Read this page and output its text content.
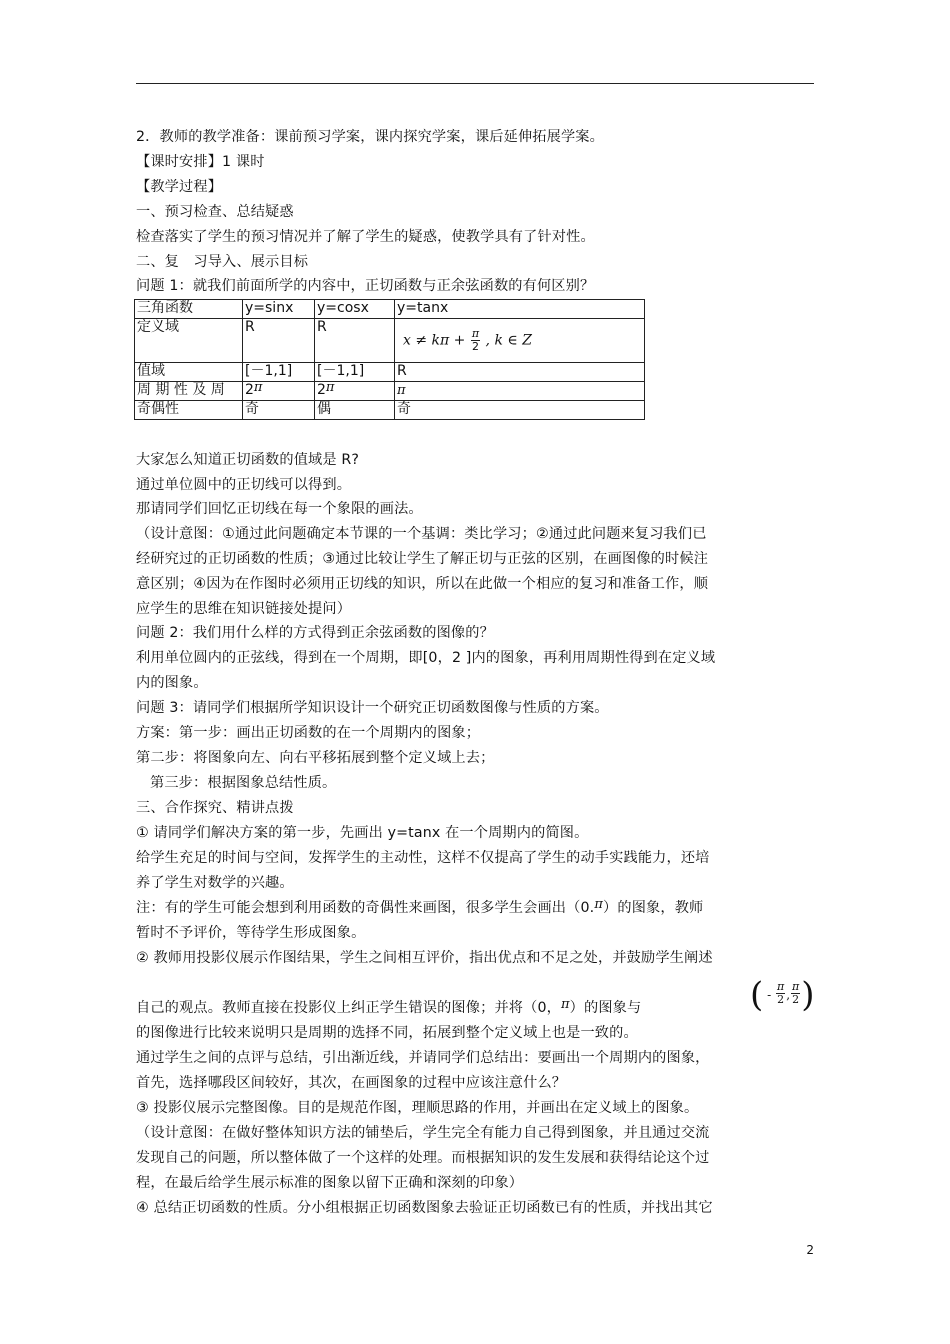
2．教师的教学准备：课前预习学案，课内探究学案，课后延伸拓展学案。
【课时安排】1 课时
【教学过程】
一、预习检查、总结疑惑
检查落实了学生的预习情况并了解了学生的疑惑，使教学具有了针对性。
二、复　习导入、展示目标
问题 1：就我们前面所学的内容中，正切函数与正余弦函数的有何区别？
三角函数	y=sinx	y=cosx	y=tanx
定义域	R	R	$x \ne k\pi + \frac{\pi}{2}$ , k ∈ Z
值域	[－1,1]	[－1,1]	R
周 期 性 及 周	2π	2π	π
奇偶性	奇	偶	奇
大家怎么知道正切函数的值域是 R?
通过单位圆中的正切线可以得到。
那请同学们回忆正切线在每一个象限的画法。
（设计意图：①通过此问题确定本节课的一个基调：类比学习；②通过此问题来复习我们已
经研究过的正切函数的性质；③通过比较让学生了解正切与正弦的区别，在画图像的时候注
意区别；④因为在作图时必须用正切线的知识，所以在此做一个相应的复习和准备工作，顺
应学生的思维在知识链接处提问）
问题 2：我们用什么样的方式得到正余弦函数的图像的？
利用单位圆内的正弦线，得到在一个周期，即[0，2 ]内的图象，再利用周期性得到在定义域
内的图象。
问题 3：请同学们根据所学知识设计一个研究正切函数图像与性质的方案。
方案：第一步：画出正切函数的在一个周期内的图象；
第二步：将图象向左、向右平移拓展到整个定义域上去；
第三步：根据图象总结性质。
三、合作探究、精讲点拨
① 请同学们解决方案的第一步，先画出 y=tanx 在一个周期内的简图。
给学生充足的时间与空间，发挥学生的主动性，这样不仅提高了学生的动手实践能力，还培
养了学生对数学的兴趣。
注：有的学生可能会想到利用函数的奇偶性来画图，很多学生会画出（0.π）的图象，教师
暂时不予评价，等待学生形成图象。
② 教师用投影仪展示作图结果，学生之间相互评价，指出优点和不足之处，并鼓励学生阐述
自己的观点。教师直接在投影仪上纠正学生错误的图像；并将（0，π）的图象与	( - $\frac{\pi}{2}$ , $\frac{\pi}{2}$ )
的图像进行比较来说明只是周期的选择不同，拓展到整个定义域上也是一致的。
通过学生之间的点评与总结，引出渐近线，并请同学们总结出：要画出一个周期内的图象，
首先，选择哪段区间较好，其次，在画图象的过程中应该注意什么？
③ 投影仪展示完整图像。目的是规范作图，理顺思路的作用，并画出在定义域上的图象。
（设计意图：在做好整体知识方法的铺垫后，学生完全有能力自己得到图象，并且通过交流
发现自己的问题，所以整体做了一个这样的处理。而根据知识的发生发展和获得结论这个过
程，在最后给学生展示标准的图象以留下正确和深刻的印象）
④ 总结正切函数的性质。分小组根据正切函数图象去验证正切函数已有的性质，并找出其它
2
